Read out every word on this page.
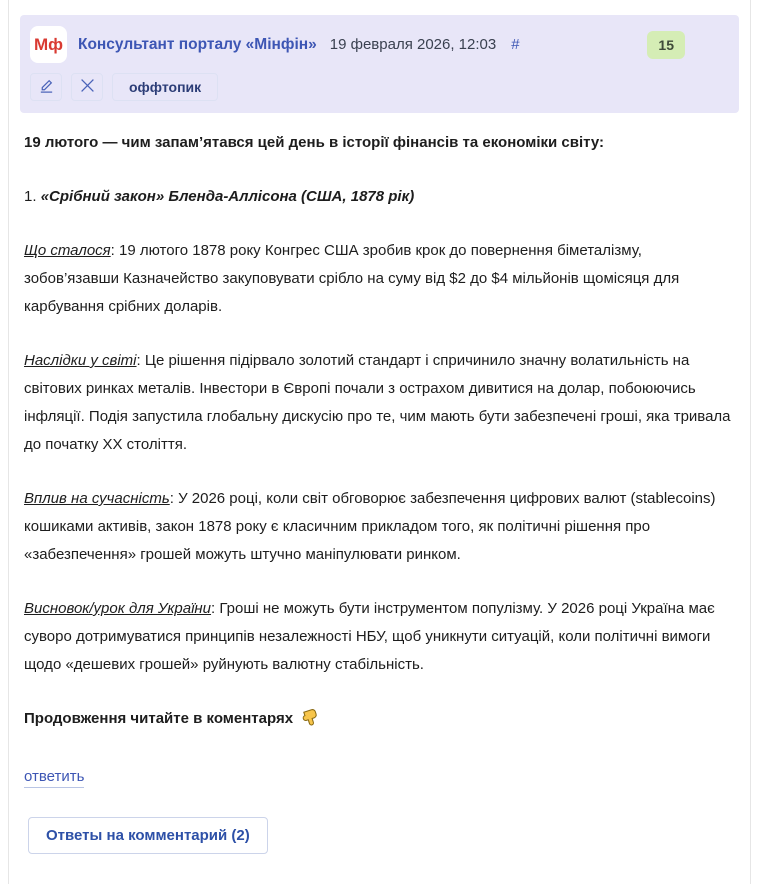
Мф Консультант порталу «Мінфін» 19 февраля 2026, 12:03 #	15
оффтопик

19 лютого — чим запам’ятався цей день в історії фінансів та економіки світу:

1. «Срібний закон» Бленда-Аллісона (США, 1878 рік)

Що сталося: 19 лютого 1878 року Конгрес США зробив крок до повернення біметалізму, зобов’язавши Казначейство закуповувати срібло на суму від $2 до $4 мільйонів щомісяця для карбування срібних доларів.

Наслідки у світі: Це рішення підірвало золотий стандарт і спричинило значну волатильність на світових ринках металів. Інвестори в Європі почали з острахом дивитися на долар, побоюючись інфляції. Подія запустила глобальну дискусію про те, чим мають бути забезпечені гроші, яка тривала до початку ХХ століття.

Вплив на сучасність: У 2026 році, коли світ обговорює забезпечення цифрових валют (stablecoins) кошиками активів, закон 1878 року є класичним прикладом того, як політичні рішення про «забезпечення» грошей можуть штучно маніпулювати ринком.

Висновок/урок для України: Гроші не можуть бути інструментом популізму. У 2026 році Україна має суворо дотримуватися принципів незалежності НБУ, щоб уникнути ситуацій, коли політичні вимоги щодо «дешевих грошей» руйнують валютну стабільність.

Продовження читайте в коментарях

ответить
Ответы на комментарий (2)
